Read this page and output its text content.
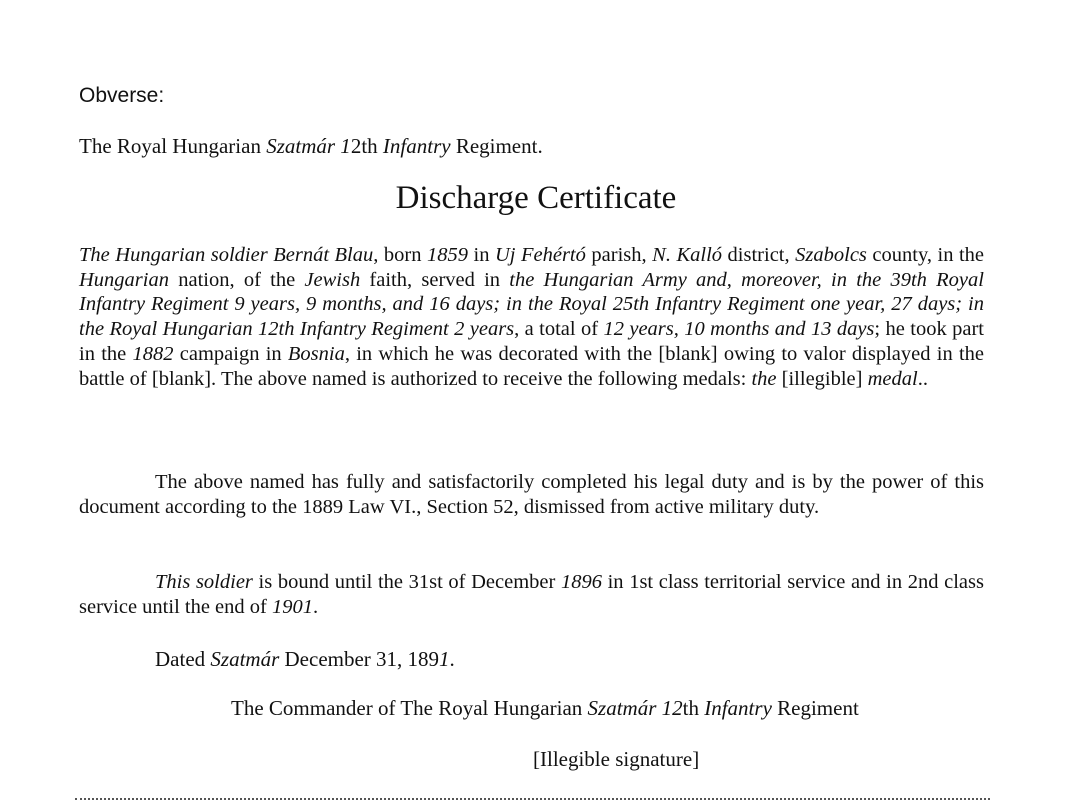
Obverse:
The Royal Hungarian Szatmár 12th Infantry Regiment.
Discharge Certificate

The Hungarian soldier Bernát Blau, born 1859 in Uj Fehértó parish, N. Kalló district, Szabolcs county, in the Hungarian nation, of the Jewish faith, served in the Hungarian Army and, moreover, in the 39th Royal Infantry Regiment 9 years, 9 months, and 16 days; in the Royal 25th Infantry Regiment one year, 27 days; in the Royal Hungarian 12th Infantry Regiment 2 years, a total of 12 years, 10 months and 13 days; he took part in the 1882 campaign in Bosnia, in which he was decorated with the [blank] owing to valor displayed in the battle of [blank]. The above named is authorized to receive the following medals: the [illegible] medal..

The above named has fully and satisfactorily completed his legal duty and is by the power of this document according to the 1889 Law VI., Section 52, dismissed from active military duty.

This soldier is bound until the 31st of December 1896 in 1st class territorial service and in 2nd class service until the end of 1901.

Dated Szatmár December 31, 1891.
The Commander of The Royal Hungarian Szatmár 12th Infantry Regiment
[Illegible signature]
